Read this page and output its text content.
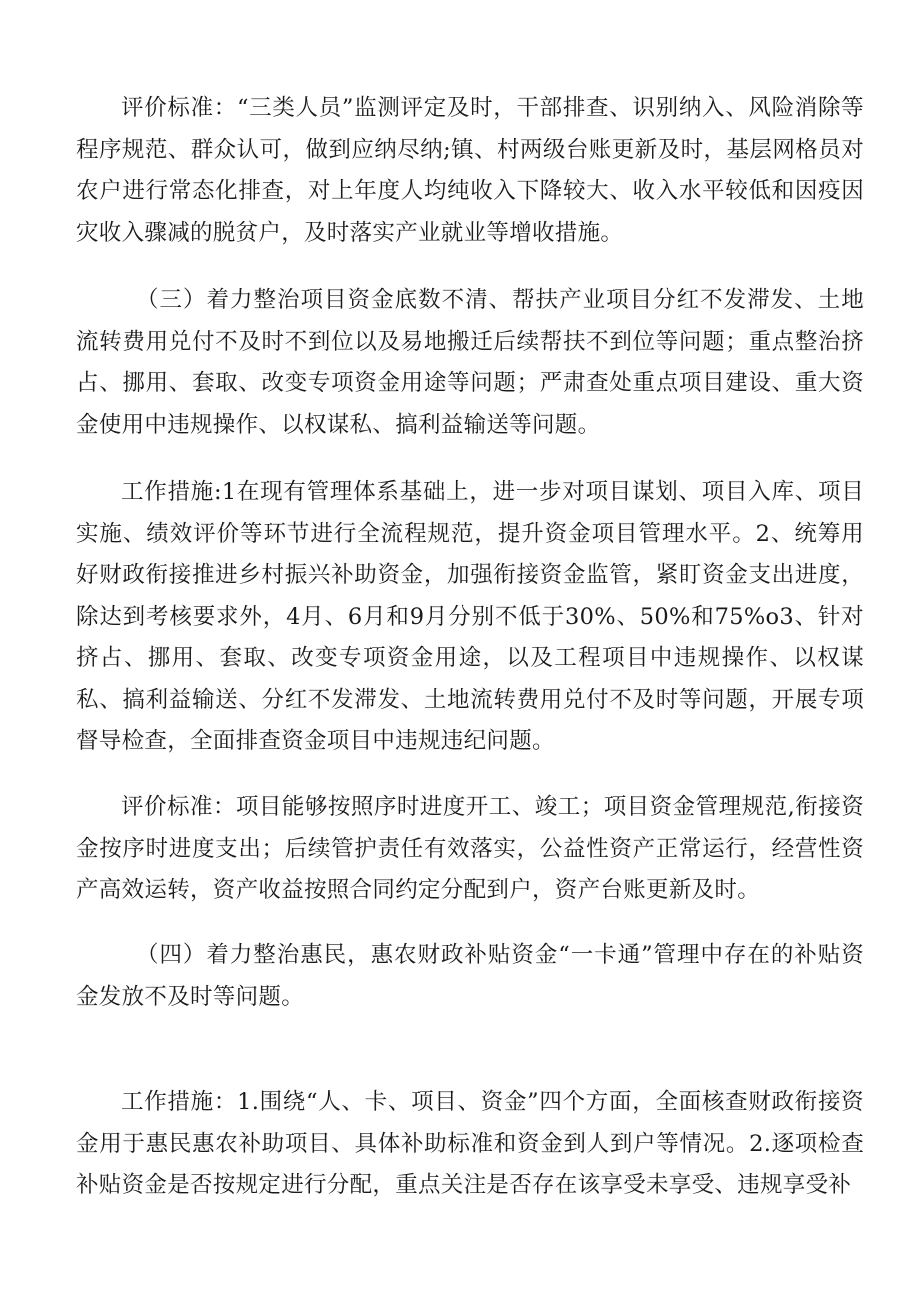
评价标准：“三类人员”监测评定及时，干部排查、识别纳入、风险消除等程序规范、群众认可，做到应纳尽纳;镇、村两级台账更新及时，基层网格员对农户进行常态化排查，对上年度人均纯收入下降较大、收入水平较低和因疫因灾收入骤减的脱贫户，及时落实产业就业等增收措施。

（三）着力整治项目资金底数不清、帮扶产业项目分红不发滞发、土地流转费用兑付不及时不到位以及易地搬迁后续帮扶不到位等问题；重点整治挤占、挪用、套取、改变专项资金用途等问题；严肃查处重点项目建设、重大资金使用中违规操作、以权谋私、搞利益输送等问题。

工作措施:1在现有管理体系基础上，进一步对项目谋划、项目入库、项目实施、绩效评价等环节进行全流程规范，提升资金项目管理水平。2、统筹用好财政衔接推进乡村振兴补助资金，加强衔接资金监管，紧盯资金支出进度，除达到考核要求外，4月、6月和9月分别不低于30%、50%和75%o3、针对挤占、挪用、套取、改变专项资金用途，以及工程项目中违规操作、以权谋私、搞利益输送、分红不发滞发、土地流转费用兑付不及时等问题，开展专项督导检查，全面排查资金项目中违规违纪问题。

评价标准：项目能够按照序时进度开工、竣工；项目资金管理规范,衔接资金按序时进度支出；后续管护责任有效落实，公益性资产正常运行，经营性资产高效运转，资产收益按照合同约定分配到户，资产台账更新及时。

（四）着力整治惠民，惠农财政补贴资金“一卡通”管理中存在的补贴资金发放不及时等问题。

工作措施：1.围绕“人、卡、项目、资金”四个方面，全面核查财政衔接资金用于惠民惠农补助项目、具体补助标准和资金到人到户等情况。2.逐项检查补贴资金是否按规定进行分配，重点关注是否存在该享受未享受、违规享受补
